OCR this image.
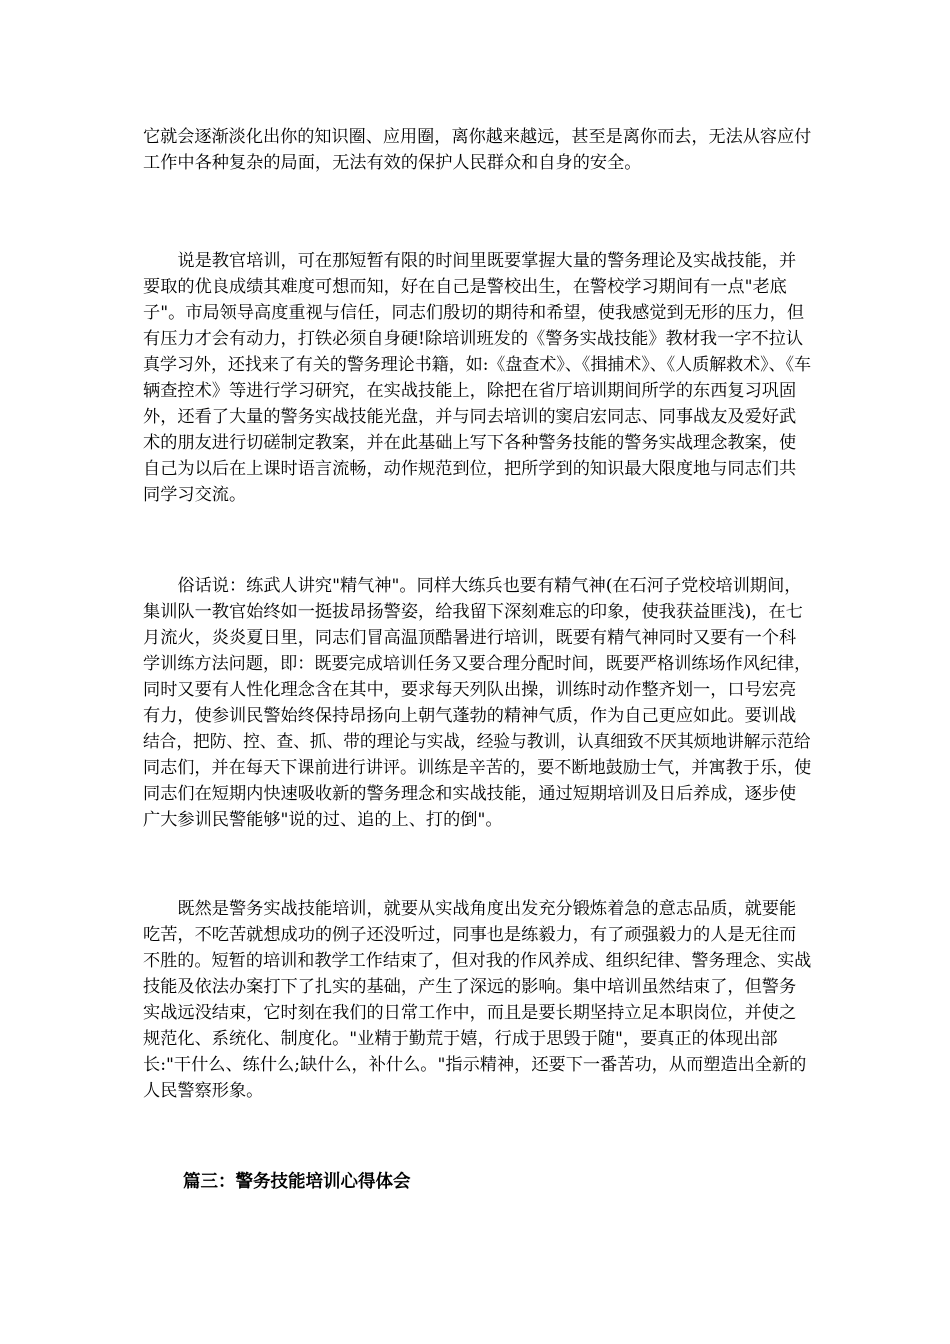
它就会逐渐淡化出你的知识圈、应用圈，离你越来越远，甚至是离你而去，无法从容应付
工作中各种复杂的局面，无法有效的保护人民群众和自身的安全。
　　说是教官培训，可在那短暂有限的时间里既要掌握大量的警务理论及实战技能，并
要取的优良成绩其难度可想而知，好在自己是警校出生，在警校学习期间有一点"老底
子"。市局领导高度重视与信任，同志们殷切的期待和希望，使我感觉到无形的压力，但
有压力才会有动力，打铁必须自身硬!除培训班发的《警务实战技能》教材我一字不拉认
真学习外，还找来了有关的警务理论书籍，如:《盘查术》、《揖捕术》、《人质解救术》、《车
辆查控术》等进行学习研究，在实战技能上，除把在省厅培训期间所学的东西复习巩固
外，还看了大量的警务实战技能光盘，并与同去培训的窦启宏同志、同事战友及爱好武
术的朋友进行切磋制定教案，并在此基础上写下各种警务技能的警务实战理念教案，使
自己为以后在上课时语言流畅，动作规范到位，把所学到的知识最大限度地与同志们共
同学习交流。
　　俗话说：练武人讲究"精气神"。同样大练兵也要有精气神(在石河子党校培训期间，
集训队一教官始终如一挺拔昂扬警姿，给我留下深刻难忘的印象，使我获益匪浅)，在七
月流火，炎炎夏日里，同志们冒高温顶酷暑进行培训，既要有精气神同时又要有一个科
学训练方法问题，即：既要完成培训任务又要合理分配时间，既要严格训练场作风纪律，
同时又要有人性化理念含在其中，要求每天列队出操，训练时动作整齐划一，口号宏亮
有力，使参训民警始终保持昂扬向上朝气蓬勃的精神气质，作为自己更应如此。要训战
结合，把防、控、查、抓、带的理论与实战，经验与教训，认真细致不厌其烦地讲解示范给
同志们，并在每天下课前进行讲评。训练是辛苦的，要不断地鼓励士气，并寓教于乐，使
同志们在短期内快速吸收新的警务理念和实战技能，通过短期培训及日后养成，逐步使
广大参训民警能够"说的过、追的上、打的倒"。
　　既然是警务实战技能培训，就要从实战角度出发充分锻炼着急的意志品质，就要能
吃苦，不吃苦就想成功的例子还没听过，同事也是练毅力，有了顽强毅力的人是无往而
不胜的。短暂的培训和教学工作结束了，但对我的作风养成、组织纪律、警务理念、实战
技能及依法办案打下了扎实的基础，产生了深远的影响。集中培训虽然结束了，但警务
实战远没结束，它时刻在我们的日常工作中，而且是要长期坚持立足本职岗位，并使之
规范化、系统化、制度化。"业精于勤荒于嬉，行成于思毁于随"，要真正的体现出部
长:"干什么、练什么;缺什么，补什么。"指示精神，还要下一番苦功，从而塑造出全新的
人民警察形象。
篇三：警务技能培训心得体会
